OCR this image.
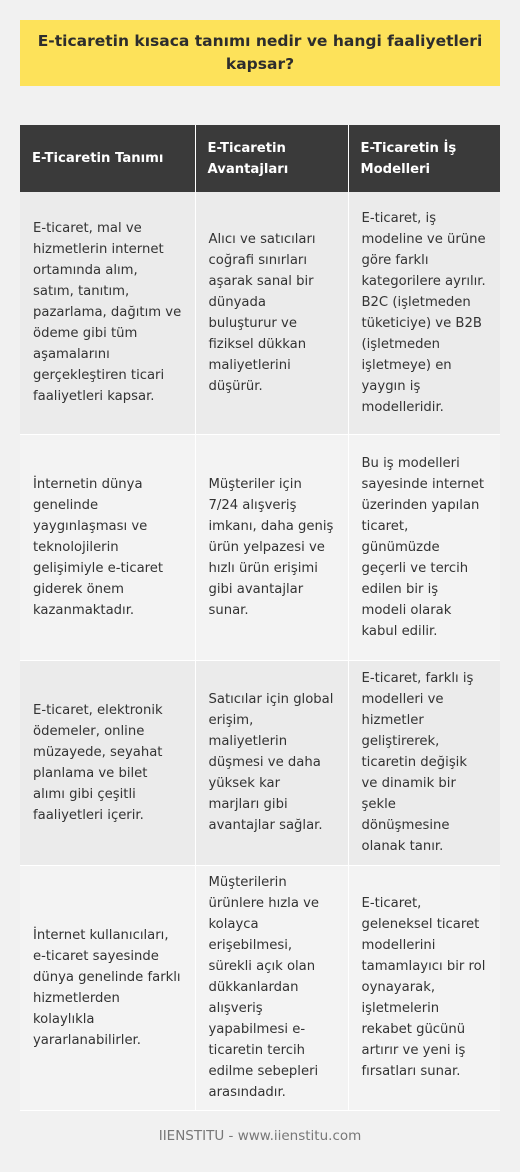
E-ticaretin kısaca tanımı nedir ve hangi faaliyetleri kapsar?
E-Ticaretin Tanımı	E-Ticaretin Avantajları	E-Ticaretin İş Modelleri
E-ticaret, mal ve hizmetlerin internet ortamında alım, satım, tanıtım, pazarlama, dağıtım ve ödeme gibi tüm aşamalarını gerçekleştiren ticari faaliyetleri kapsar.	Alıcı ve satıcıları coğrafi sınırları aşarak sanal bir dünyada buluşturur ve fiziksel dükkan maliyetlerini düşürür.	E-ticaret, iş modeline ve ürüne göre farklı kategorilere ayrılır. B2C (işletmeden tüketiciye) ve B2B (işletmeden işletmeye) en yaygın iş modelleridir.
İnternetin dünya genelinde yaygınlaşması ve teknolojilerin gelişimiyle e-ticaret giderek önem kazanmaktadır.	Müşteriler için 7/24 alışveriş imkanı, daha geniş ürün yelpazesi ve hızlı ürün erişimi gibi avantajlar sunar.	Bu iş modelleri sayesinde internet üzerinden yapılan ticaret, günümüzde geçerli ve tercih edilen bir iş modeli olarak kabul edilir.
E-ticaret, elektronik ödemeler, online müzayede, seyahat planlama ve bilet alımı gibi çeşitli faaliyetleri içerir.	Satıcılar için global erişim, maliyetlerin düşmesi ve daha yüksek kar marjları gibi avantajlar sağlar.	E-ticaret, farklı iş modelleri ve hizmetler geliştirerek, ticaretin değişik ve dinamik bir şekle dönüşmesine olanak tanır.
İnternet kullanıcıları, e-ticaret sayesinde dünya genelinde farklı hizmetlerden kolaylıkla yararlanabilirler.	Müşterilerin ürünlere hızla ve kolayca erişebilmesi, sürekli açık olan dükkanlardan alışveriş yapabilmesi e-ticaretin tercih edilme sebepleri arasındadır.	E-ticaret, geleneksel ticaret modellerini tamamlayıcı bir rol oynayarak, işletmelerin rekabet gücünü artırır ve yeni iş fırsatları sunar.
IIENSTITU - www.iienstitu.com
